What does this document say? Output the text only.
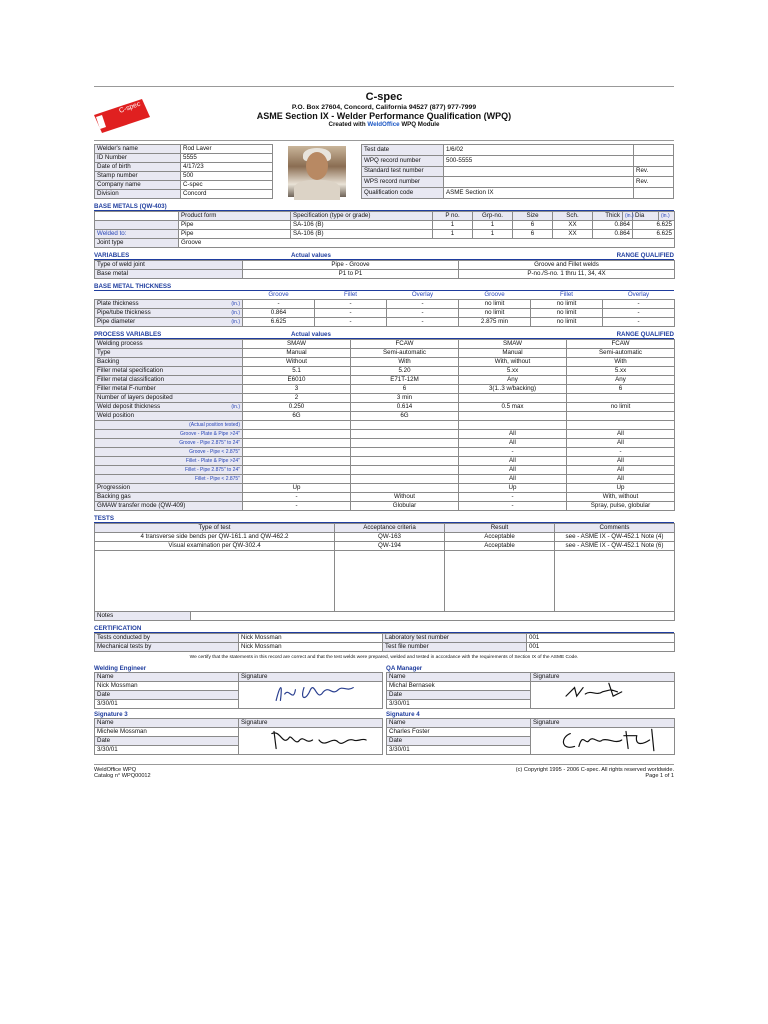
C-spec
C-spec
P.O. Box 27604, Concord, California 94527 (877) 977-7999
ASME Section IX - Welder Performance Qualification (WPQ)
Created with WeldOffice WPQ Module
Welder's name	Rod Laver
ID Number	5555
Date of birth	4/17/23
Stamp number	500
Company name	C-spec
Division	Concord
Test date	1/6/02	
WPQ record number	500-5555	
Standard test number		Rev.
WPS record number		Rev.
Qualification code	ASME Section IX	
BASE METALS (QW-403)
	Product form	Specification (type or grade)	P no.	Grp-no.	Size	Sch.	Thick	(in.)	Dia	(in.)
	Pipe	SA-106 (B)	1	1	6	XX	0.864		6.625	
Welded to:	Pipe	SA-106 (B)	1	1	6	XX	0.864		6.625	
Joint type	Groove									
VARIABLES	Actual values	RANGE QUALIFIED
Type of weld joint	Pipe - Groove	Groove and Fillet welds
Base metal	P1 to P1	P-no./S-no. 1 thru 11, 34, 4X
BASE METAL THICKNESS
	Groove	Fillet	Overlay	Groove	Fillet	Overlay
Plate thickness (in.)	-	-	-	no limit	no limit	-
Pipe/tube thickness (in.)	0.864	-	-	no limit	no limit	-
Pipe diameter (in.)	6.625	-	-	2.875 min	no limit	-
PROCESS VARIABLES	Actual values	RANGE QUALIFIED
Welding process	SMAW	FCAW	SMAW	FCAW
Type	Manual	Semi-automatic	Manual	Semi-automatic
Backing	Without	With	With, without	With
Filler metal specification	5.1	5.20	5.xx	5.xx
Filler metal classification	E6010	E71T-12M	Any	Any
Filler metal F-number	3	6	3(1..3 w/backing)	6
Number of layers deposited	2	3 min		
Weld deposit thickness (in.)	0.250	0.614	0.5 max	no limit
Weld position	6G	6G		
(Actual position tested)				
Groove - Plate & Pipe >24"			All	All
Groove - Pipe 2.875" to 24"			All	All
Groove - Pipe < 2.875"			-	-
Fillet - Plate & Pipe >24"			All	All
Fillet - Pipe 2.875" to 24"			All	All
Fillet - Pipe < 2.875"			All	All
Progression	Up		Up	Up
Backing gas	-	Without	-	With, without
GMAW transfer mode (QW-409)	-	Globular	-	Spray, pulse, globular
TESTS
Type of test	Acceptance criteria	Result	Comments
4 transverse side bends per QW-161.1 and QW-462.2	QW-163	Acceptable	see - ASME IX - QW-452.1 Note (4)
Visual examination per QW-302.4	QW-194	Acceptable	see - ASME IX - QW-452.1 Note (6)

Notes	
CERTIFICATION
Tests conducted by	Nick Mossman	Laboratory test number	001
Mechanical tests by	Nick Mossman	Test file number	001
We certify that the statements in this record are correct and that the test welds were prepared, welded and tested in accordance with the requirements of Section IX of the ASME Code.
Welding Engineer
Name	Signature
Nick Mossman	
Date	
3/30/01	
QA Manager
Name	Signature
Michal Bernasek	
Date	
3/30/01	
Signature 3
Name	Signature
Michele Mossman	
Date	
3/30/01	
Signature 4
Name	Signature
Charles Foster	
Date	
3/30/01	
WeldOffice WPQ	(c) Copyright 1995 - 2006 C-spec. All rights reserved worldwide.
Catalog n° WPQ00012	Page 1 of 1
